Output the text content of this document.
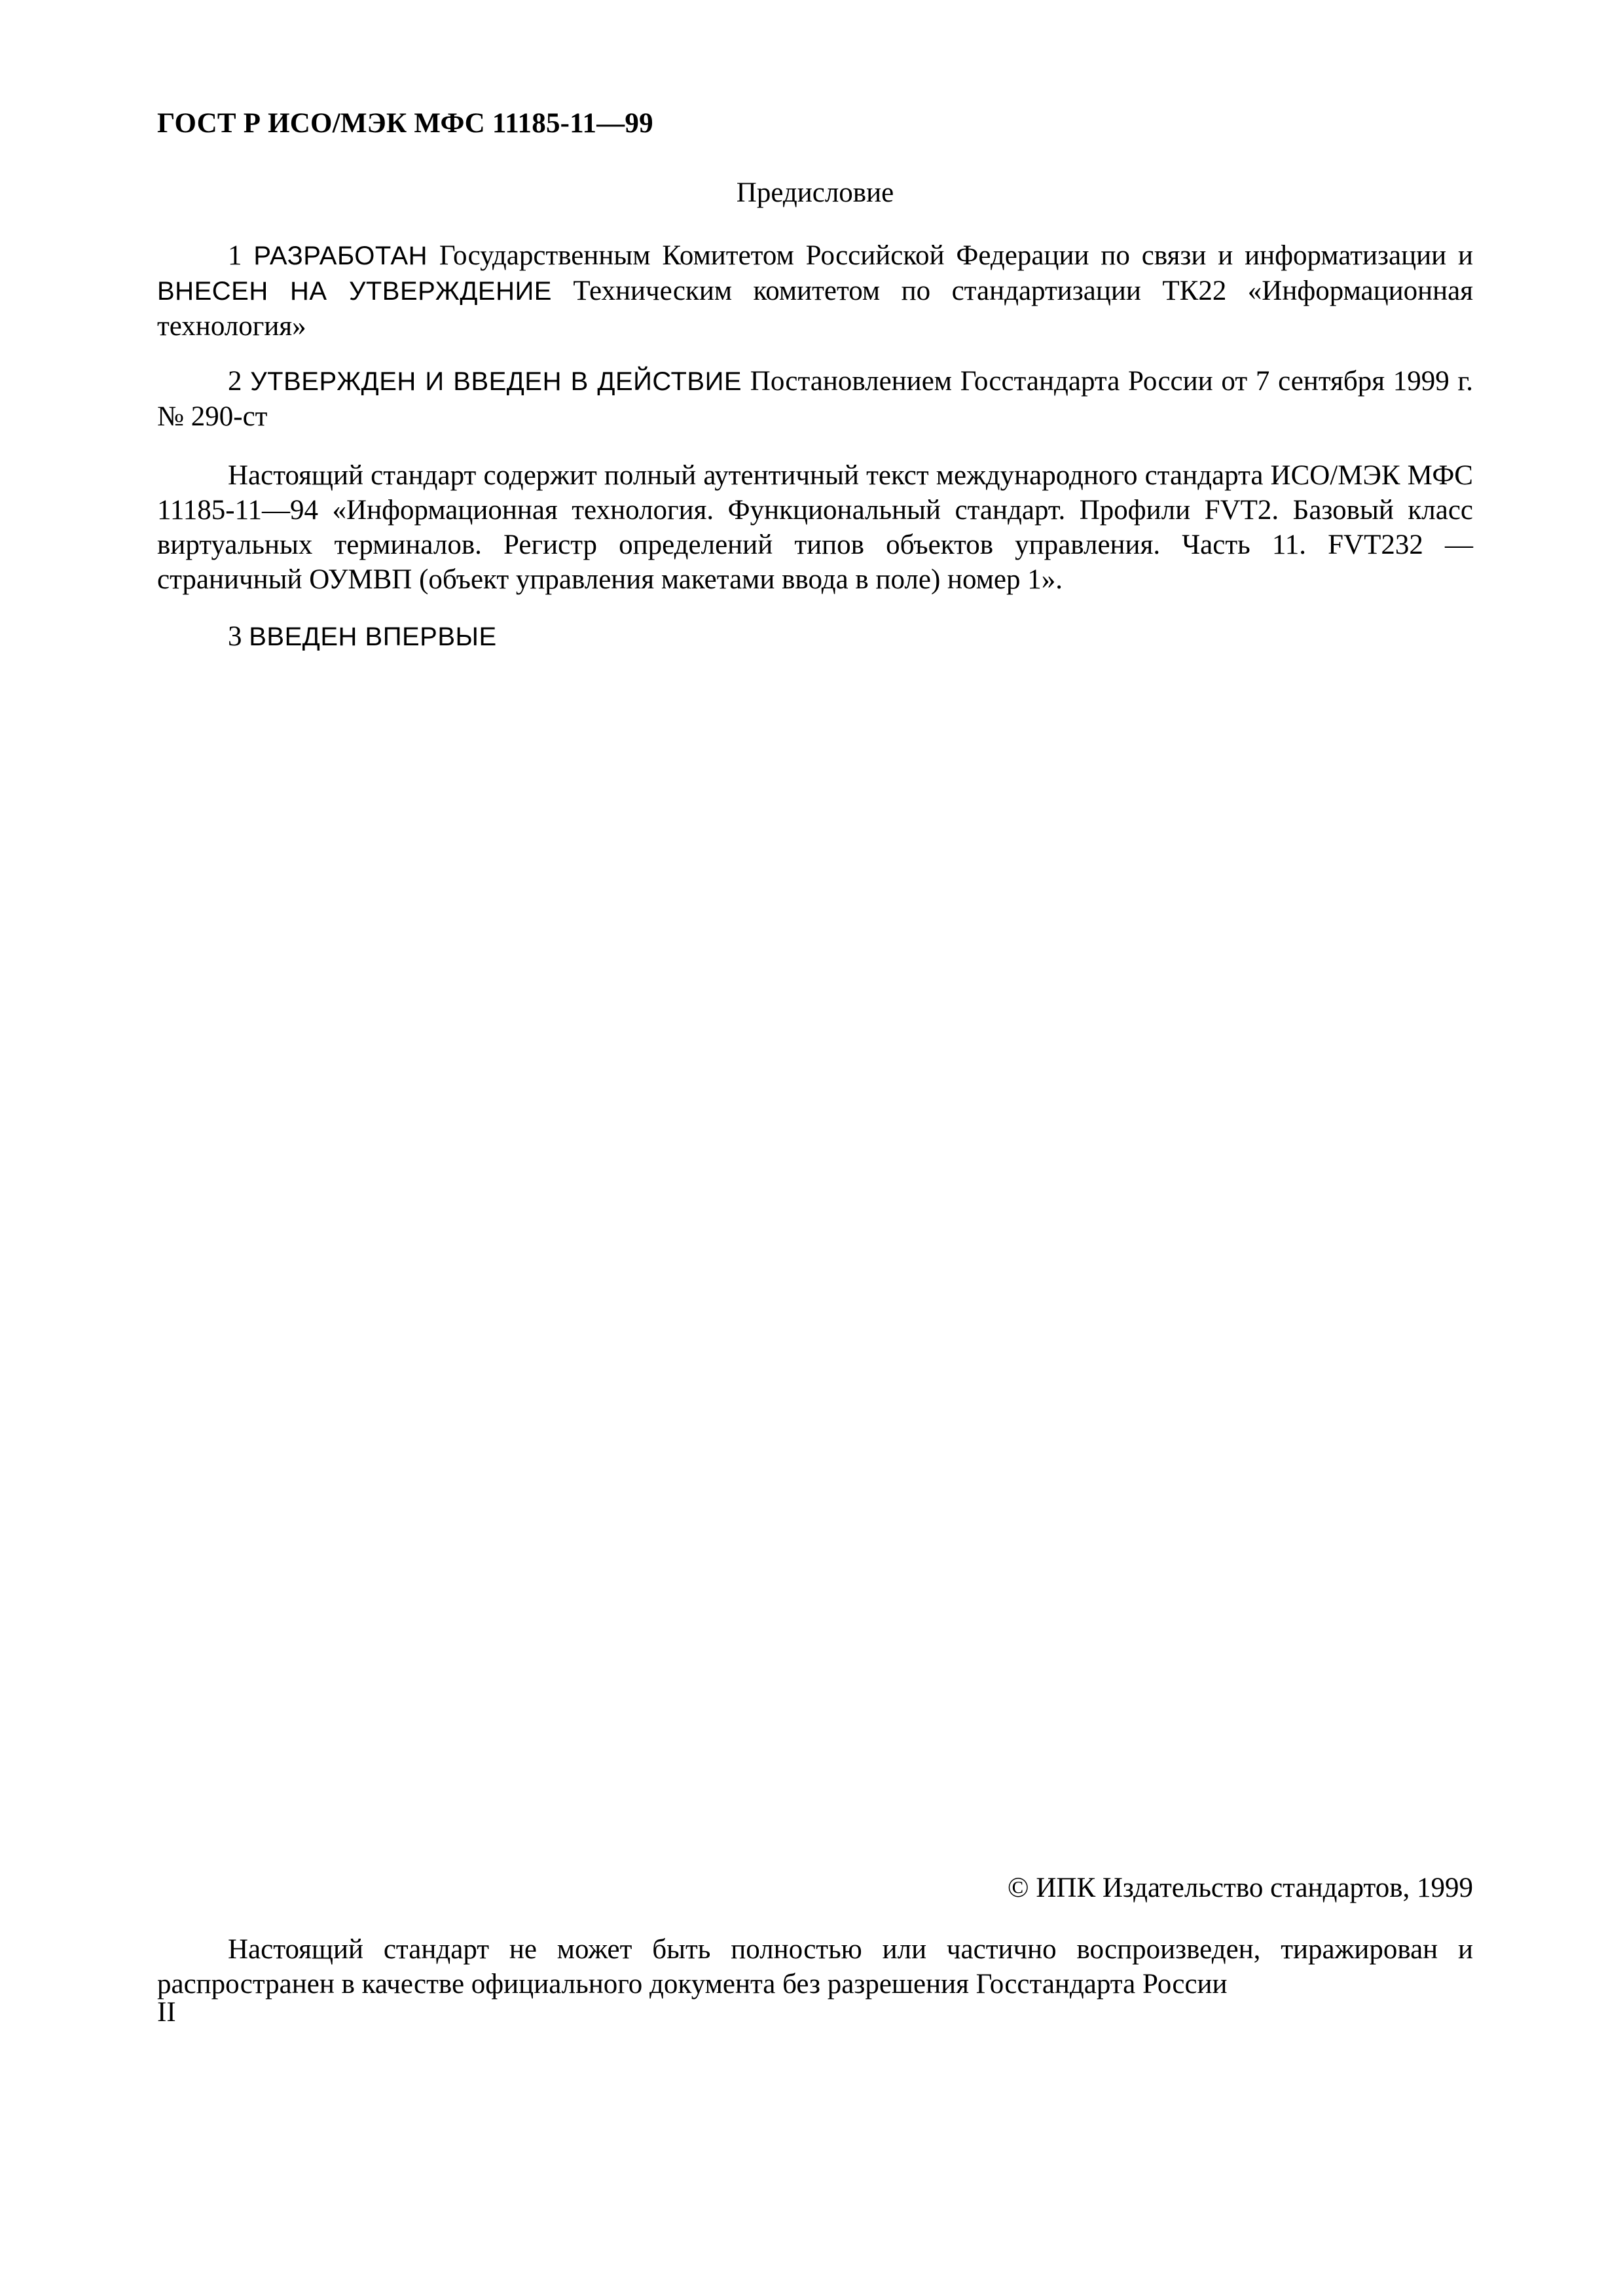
ГОСТ Р ИСО/МЭК МФС 11185-11—99
Предисловие

1 РАЗРАБОТАН Государственным Комитетом Российской Федерации по связи и информатизации и ВНЕСЕН НА УТВЕРЖДЕНИЕ Техническим комитетом по стандартизации ТК22 «Информационная технология»

2 УТВЕРЖДЕН И ВВЕДЕН В ДЕЙСТВИЕ Постановлением Госстандарта России от 7 сентября 1999 г. № 290-ст

Настоящий стандарт содержит полный аутентичный текст международного стандарта ИСО/МЭК МФС 11185-11—94 «Информационная технология. Функциональный стандарт. Профили FVT2. Базовый класс виртуальных терминалов. Регистр определений типов объектов управления. Часть 11. FVT232 — страничный ОУМВП (объект управления макетами ввода в поле) номер 1».

3 ВВЕДЕН ВПЕРВЫЕ

© ИПК Издательство стандартов, 1999

Настоящий стандарт не может быть полностью или частично воспроизведен, тиражирован и распространен в качестве официального документа без разрешения Госстандарта России

II
